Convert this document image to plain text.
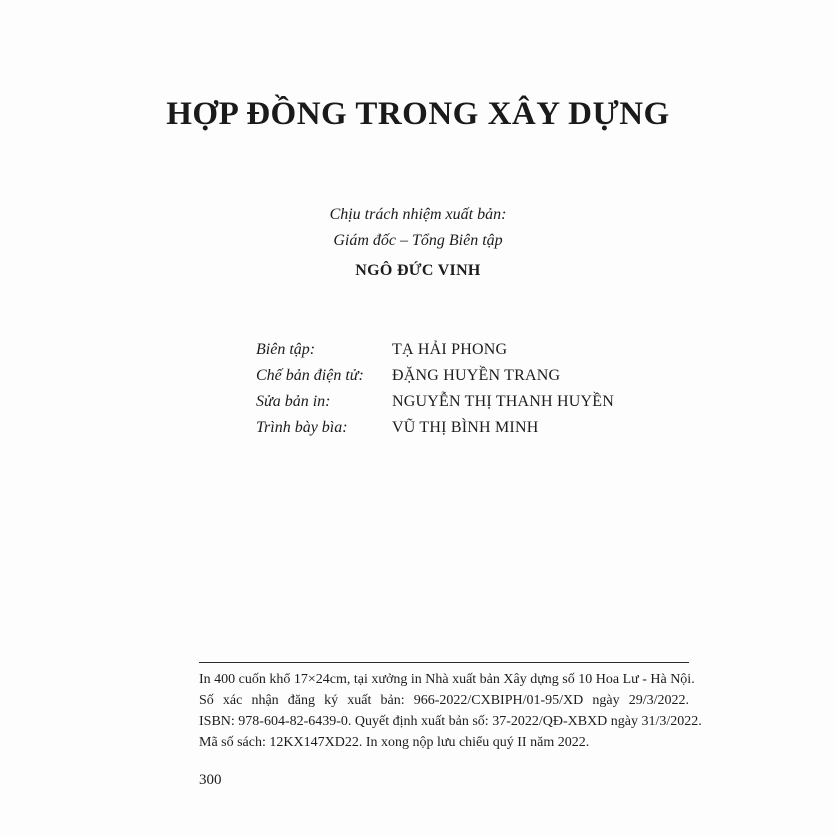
HỢP ĐỒNG TRONG XÂY DỰNG
Chịu trách nhiệm xuất bản:
Giám đốc – Tổng Biên tập
NGÔ ĐỨC VINH
Biên tập:	TẠ HẢI PHONG
Chế bản điện tử:	ĐẶNG HUYỀN TRANG
Sửa bản in:	NGUYỄN THỊ THANH HUYỀN
Trình bày bìa:	VŨ THỊ BÌNH MINH
In 400 cuốn khổ 17×24cm, tại xưởng in Nhà xuất bản Xây dựng số 10 Hoa Lư - Hà Nội.
Số xác nhận đăng ký xuất bản: 966-2022/CXBIPH/01-95/XD ngày 29/3/2022.
ISBN: 978-604-82-6439-0. Quyết định xuất bản số: 37-2022/QĐ-XBXD ngày 31/3/2022.
Mã số sách: 12KX147XD22. In xong nộp lưu chiểu quý II năm 2022.
300
